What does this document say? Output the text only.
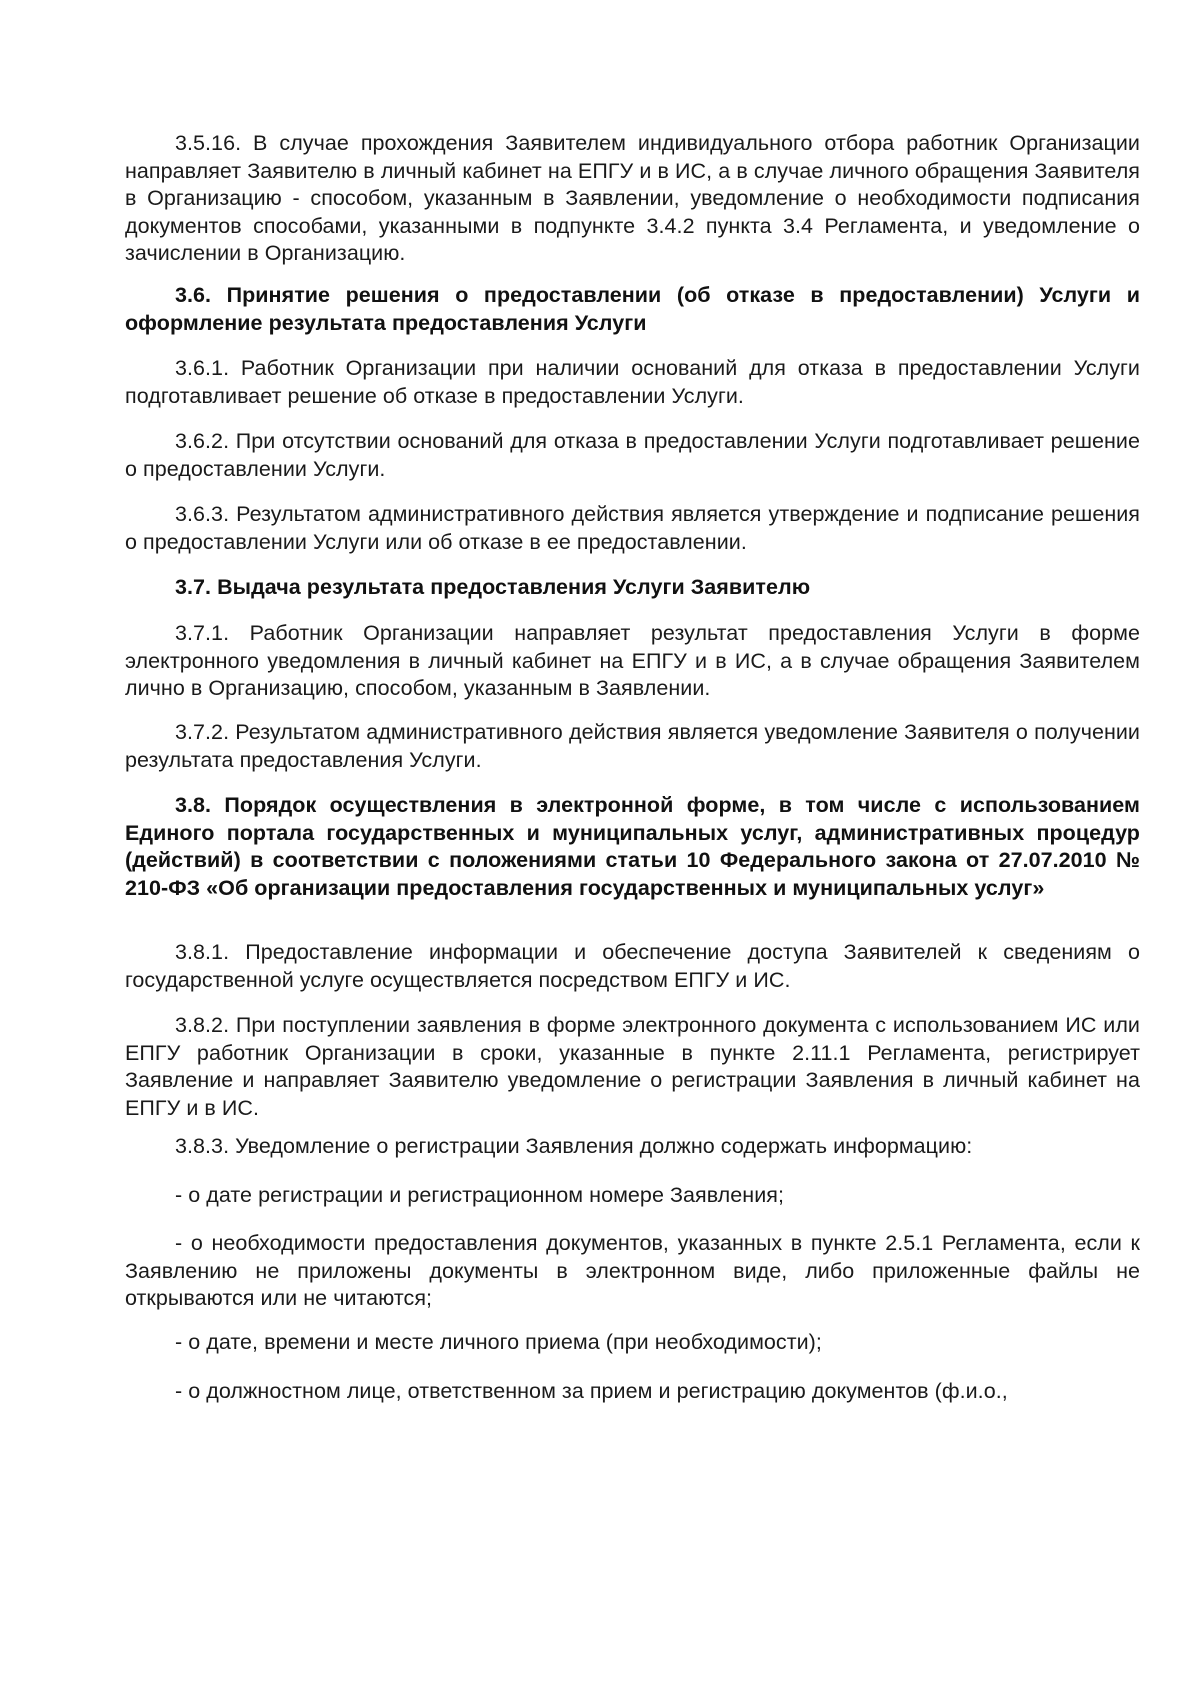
3.5.16. В случае прохождения Заявителем индивидуального отбора работник Организации направляет Заявителю в личный кабинет на ЕПГУ и в ИС, а в случае личного обращения Заявителя в Организацию - способом, указанным в Заявлении, уведомление о необходимости подписания документов способами, указанными в подпункте 3.4.2 пункта 3.4 Регламента, и уведомление о зачислении в Организацию.

3.6. Принятие решения о предоставлении (об отказе в предоставлении) Услуги и оформление результата предоставления Услуги

3.6.1. Работник Организации при наличии оснований для отказа в предоставлении Услуги подготавливает решение об отказе в предоставлении Услуги.

3.6.2. При отсутствии оснований для отказа в предоставлении Услуги подготавливает решение о предоставлении Услуги.

3.6.3. Результатом административного действия является утверждение и подписание решения о предоставлении Услуги или об отказе в ее предоставлении.

3.7. Выдача результата предоставления Услуги Заявителю

3.7.1. Работник Организации направляет результат предоставления Услуги в форме электронного уведомления в личный кабинет на ЕПГУ и в ИС, а в случае обращения Заявителем лично в Организацию, способом, указанным в Заявлении.

3.7.2. Результатом административного действия является уведомление Заявителя о получении результата предоставления Услуги.

3.8. Порядок осуществления в электронной форме, в том числе с использованием Единого портала государственных и муниципальных услуг, административных процедур (действий) в соответствии с положениями статьи 10 Федерального закона от 27.07.2010 № 210-ФЗ «Об организации предоставления государственных и муниципальных услуг»

3.8.1. Предоставление информации и обеспечение доступа Заявителей к сведениям о государственной услуге осуществляется посредством ЕПГУ и ИС.

3.8.2. При поступлении заявления в форме электронного документа с использованием ИС или ЕПГУ работник Организации в сроки, указанные в пункте 2.11.1 Регламента, регистрирует Заявление и направляет Заявителю уведомление о регистрации Заявления в личный кабинет на ЕПГУ и в ИС.

3.8.3. Уведомление о регистрации Заявления должно содержать информацию:

- о дате регистрации и регистрационном номере Заявления;

- о необходимости предоставления документов, указанных в пункте 2.5.1 Регламента, если к Заявлению не приложены документы в электронном виде, либо приложенные файлы не открываются или не читаются;

- о дате, времени и месте личного приема (при необходимости);

- о должностном лице, ответственном за прием и регистрацию документов (ф.и.о.,
